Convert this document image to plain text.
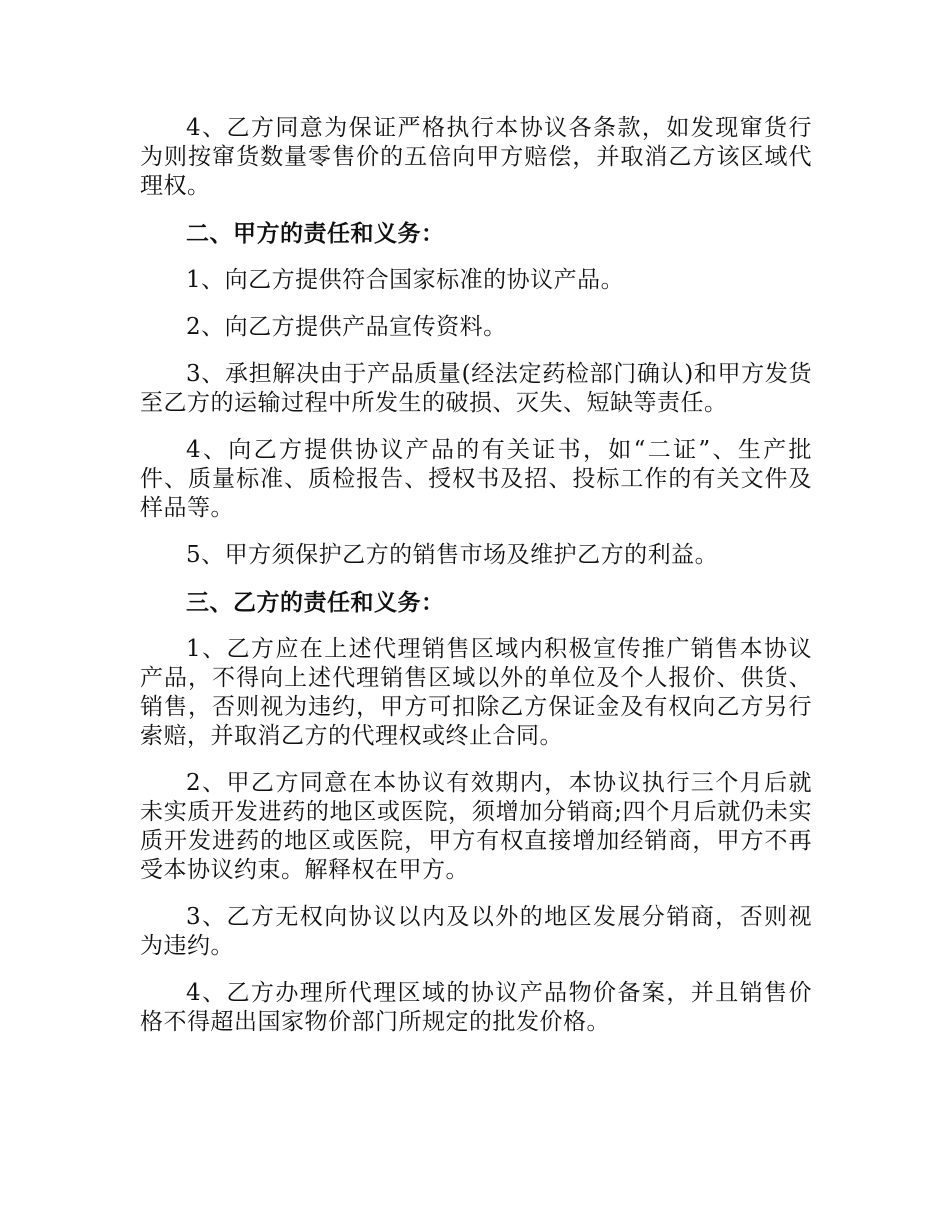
4、乙方同意为保证严格执行本协议各条款，如发现窜货行为则按窜货数量零售价的五倍向甲方赔偿，并取消乙方该区域代理权。

二、甲方的责任和义务：

1、向乙方提供符合国家标准的协议产品。

2、向乙方提供产品宣传资料。

3、承担解决由于产品质量(经法定药检部门确认)和甲方发货至乙方的运输过程中所发生的破损、灭失、短缺等责任。

4、向乙方提供协议产品的有关证书，如“二证”、生产批件、质量标准、质检报告、授权书及招、投标工作的有关文件及样品等。

5、甲方须保护乙方的销售市场及维护乙方的利益。

三、乙方的责任和义务：

1、乙方应在上述代理销售区域内积极宣传推广销售本协议产品，不得向上述代理销售区域以外的单位及个人报价、供货、销售，否则视为违约，甲方可扣除乙方保证金及有权向乙方另行索赔，并取消乙方的代理权或终止合同。

2、甲乙方同意在本协议有效期内，本协议执行三个月后就未实质开发进药的地区或医院，须增加分销商;四个月后就仍未实质开发进药的地区或医院，甲方有权直接增加经销商，甲方不再受本协议约束。解释权在甲方。

3、乙方无权向协议以内及以外的地区发展分销商，否则视为违约。

4、乙方办理所代理区域的协议产品物价备案，并且销售价格不得超出国家物价部门所规定的批发价格。
